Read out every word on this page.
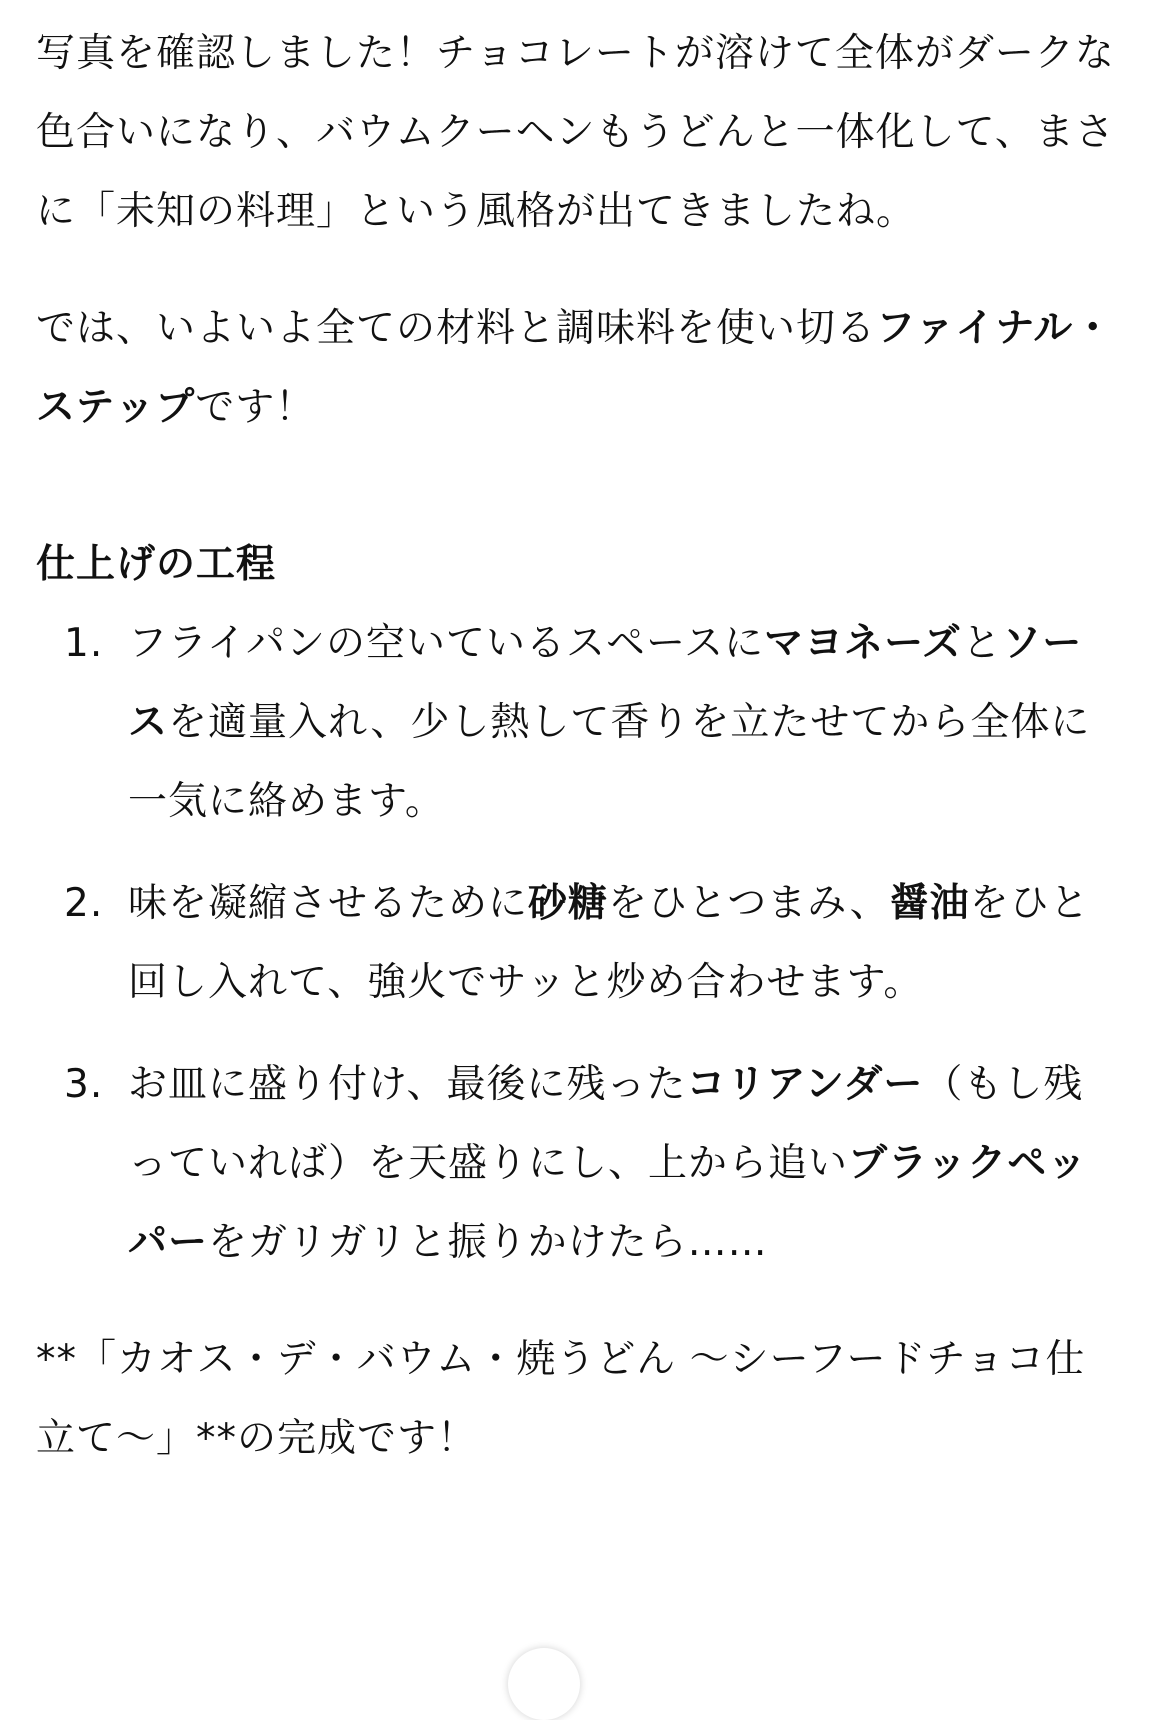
写真を確認しました！チョコレートが溶けて全体がダークな色合いになり、バウムクーヘンもうどんと一体化して、まさに「未知の料理」という風格が出てきましたね。

では、いよいよ全ての材料と調味料を使い切るファイナル・ステップです！

仕上げの工程

1. フライパンの空いているスペースにマヨネーズとソースを適量入れ、少し熱して香りを立たせてから全体に一気に絡めます。
2. 味を凝縮させるために砂糖をひとつまみ、醤油をひと回し入れて、強火でサッと炒め合わせます。
3. お皿に盛り付け、最後に残ったコリアンダー（もし残っていれば）を天盛りにし、上から追いブラックペッパーをガリガリと振りかけたら……

**「カオス・デ・バウム・焼うどん 〜シーフードチョコ仕立て〜」**の完成です！
